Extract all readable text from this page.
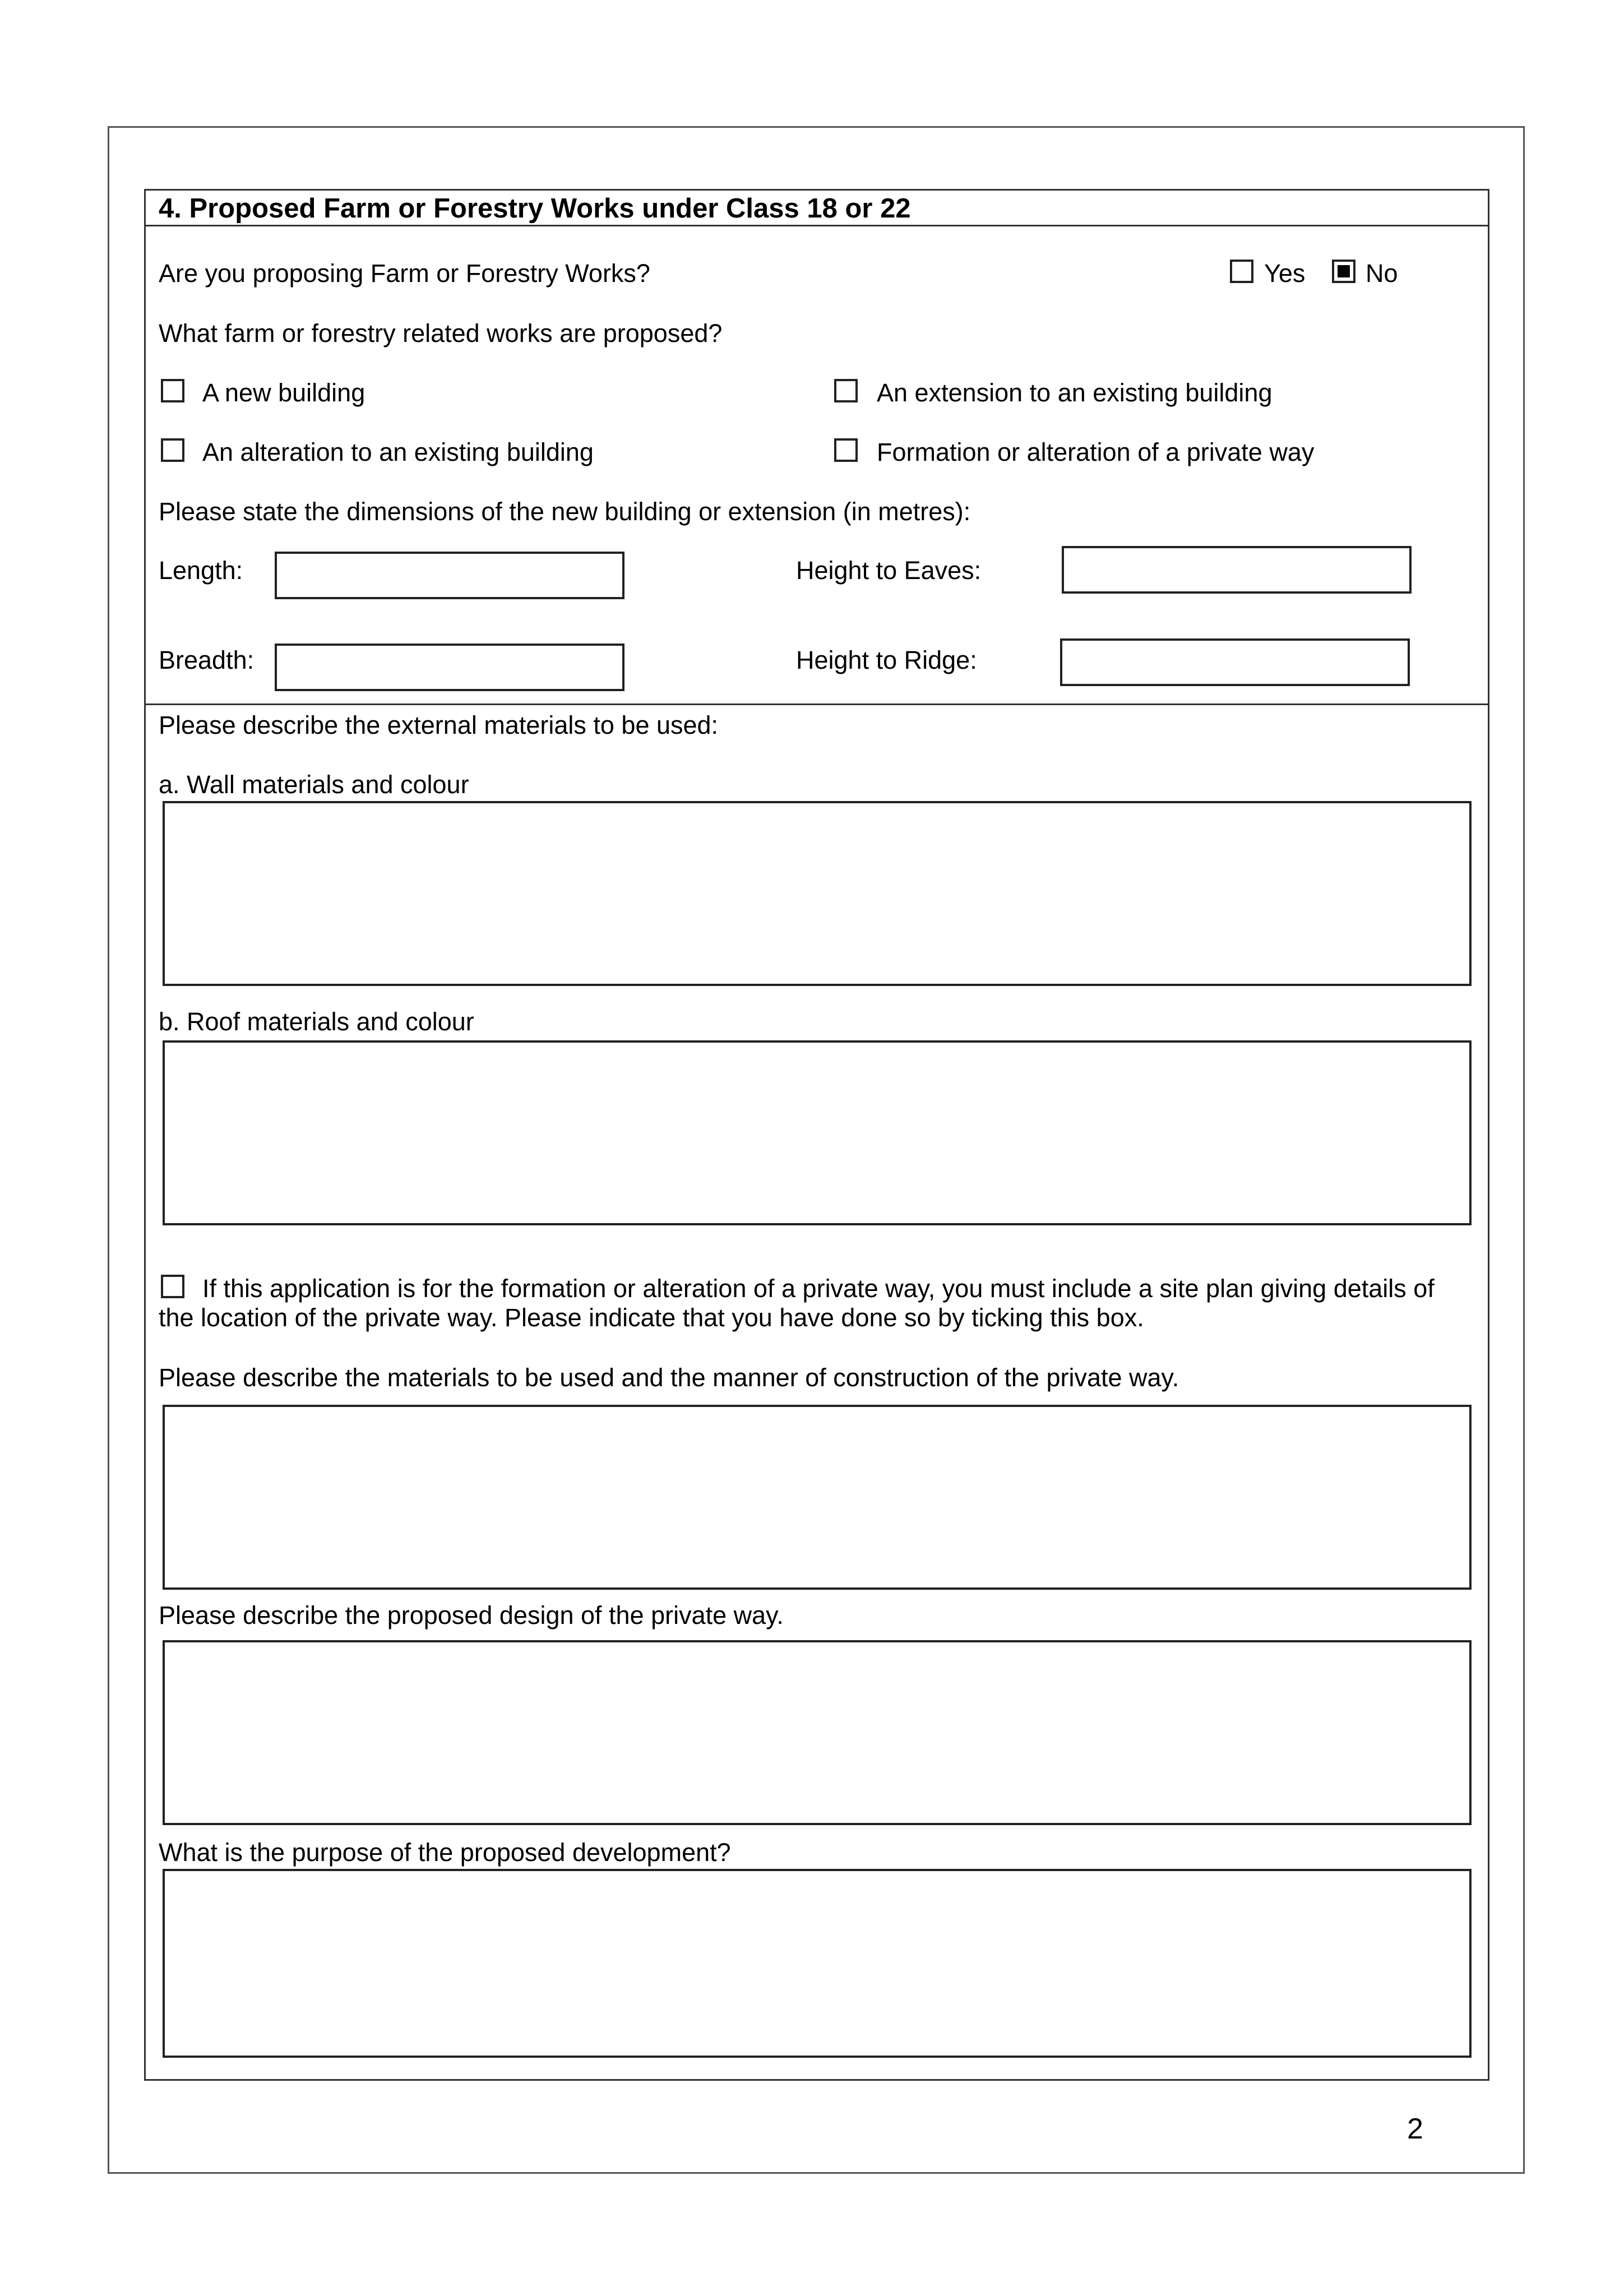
4. Proposed Farm or Forestry Works under Class 18 or 22
Are you proposing Farm or Forestry Works?	Yes No
What farm or forestry related works are proposed?
A new building	An extension to an existing building
An alteration to an existing building	Formation or alteration of a private way
Please state the dimensions of the new building or extension (in metres):
Length:	Height to Eaves:
Breadth:	Height to Ridge:
Please describe the external materials to be used:
a. Wall materials and colour
b. Roof materials and colour
If this application is for the formation or alteration of a private way, you must include a site plan giving details of
the location of the private way. Please indicate that you have done so by ticking this box.
Please describe the materials to be used and the manner of construction of the private way.
Please describe the proposed design of the private way.
What is the purpose of the proposed development?
2
